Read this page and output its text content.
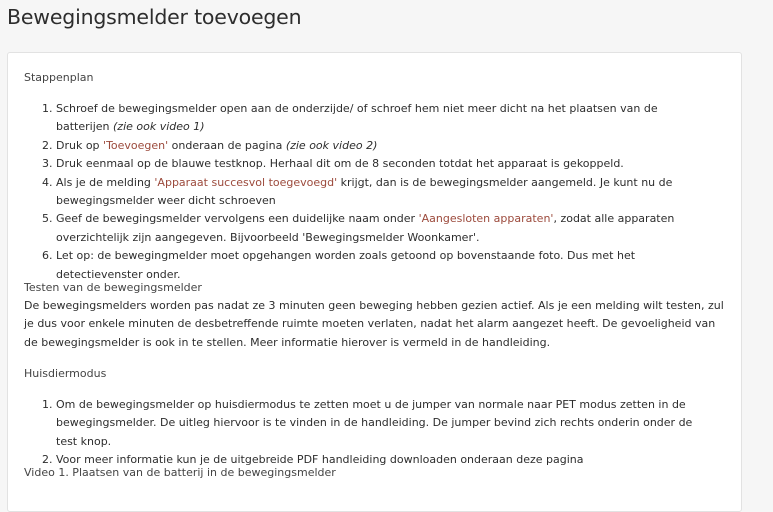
Bewegingsmelder toevoegen
Stappenplan
1. Schroef de bewegingsmelder open aan de onderzijde/ of schroef hem niet meer dicht na het plaatsen van de batterijen (zie ook video 1)
2. Druk op 'Toevoegen' onderaan de pagina (zie ook video 2)
3. Druk eenmaal op de blauwe testknop. Herhaal dit om de 8 seconden totdat het apparaat is gekoppeld.
4. Als je de melding 'Apparaat succesvol toegevoegd' krijgt, dan is de bewegingsmelder aangemeld. Je kunt nu de bewegingsmelder weer dicht schroeven
5. Geef de bewegingsmelder vervolgens een duidelijke naam onder 'Aangesloten apparaten', zodat alle apparaten overzichtelijk zijn aangegeven. Bijvoorbeeld 'Bewegingsmelder Woonkamer'.
6. Let op: de bewegingmelder moet opgehangen worden zoals getoond op bovenstaande foto. Dus met het detectievenster onder.
Testen van de bewegingsmelder

De bewegingsmelders worden pas nadat ze 3 minuten geen beweging hebben gezien actief. Als je een melding wilt testen, zul je dus voor enkele minuten de desbetreffende ruimte moeten verlaten, nadat het alarm aangezet heeft. De gevoeligheid van de bewegingsmelder is ook in te stellen. Meer informatie hierover is vermeld in de handleiding.

Huisdiermodus
1. Om de bewegingsmelder op huisdiermodus te zetten moet u de jumper van normale naar PET modus zetten in de bewegingsmelder. De uitleg hiervoor is te vinden in de handleiding. De jumper bevind zich rechts onderin onder de test knop.
2. Voor meer informatie kun je de uitgebreide PDF handleiding downloaden onderaan deze pagina
Video 1. Plaatsen van de batterij in de bewegingsmelder
